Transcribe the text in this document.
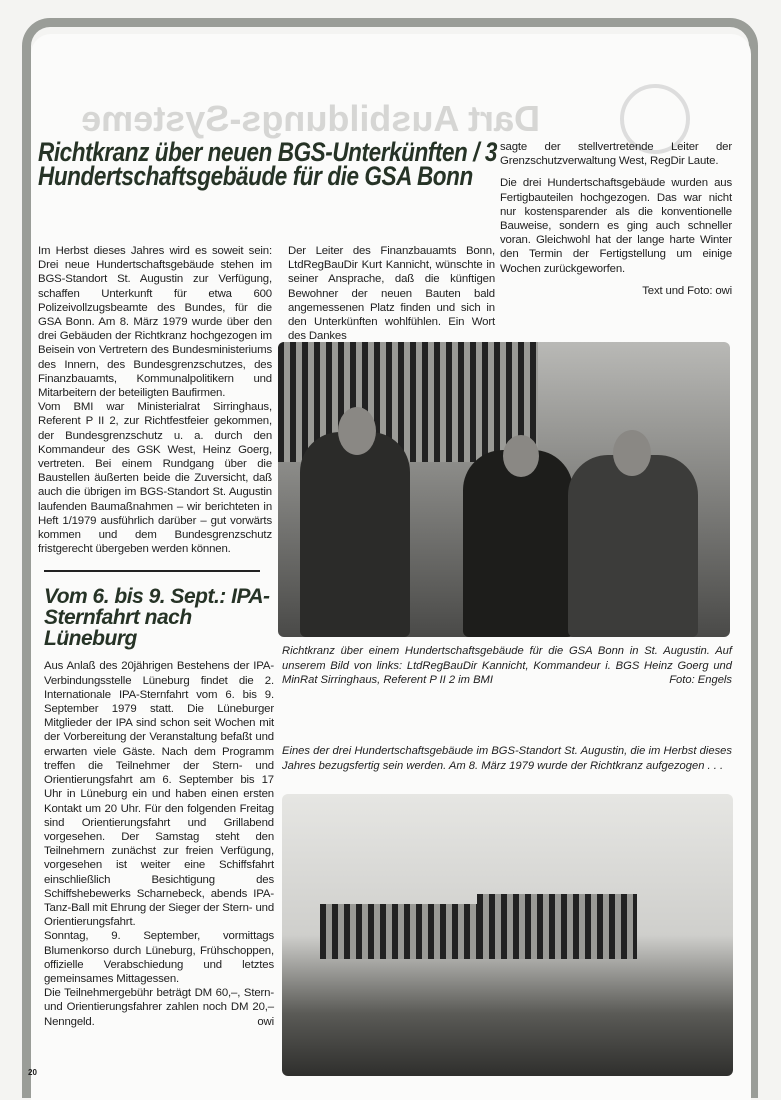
Dart Ausbildungs-Systeme
Richtkranz über neuen BGS-Unterkünften / 3 Hundertschaftsgebäude für die GSA Bonn

Im Herbst dieses Jahres wird es soweit sein: Drei neue Hundertschaftsgebäude stehen im BGS-Standort St. Augustin zur Verfügung, schaffen Unterkunft für etwa 600 Polizeivollzugsbeamte des Bundes, für die GSA Bonn. Am 8. März 1979 wurde über den drei Gebäuden der Richtkranz hochgezogen im Beisein von Vertretern des Bundesministeriums des Innern, des Bundesgrenzschutzes, des Finanzbauamts, Kommunalpolitikern und Mitarbeitern der beteiligten Baufirmen.

Vom BMI war Ministerialrat Sirringhaus, Referent P II 2, zur Richtfestfeier gekommen, der Bundesgrenzschutz u. a. durch den Kommandeur des GSK West, Heinz Goerg, vertreten. Bei einem Rundgang über die Baustellen äußerten beide die Zuversicht, daß auch die übrigen im BGS-Standort St. Augustin laufenden Baumaßnahmen – wir berichteten in Heft 1/1979 ausführlich darüber – gut vorwärts kommen und dem Bundesgrenzschutz fristgerecht übergeben werden können.

Vom 6. bis 9. Sept.: IPA-Sternfahrt nach Lüneburg

Aus Anlaß des 20jährigen Bestehens der IPA-Verbindungsstelle Lüneburg findet die 2. Internationale IPA-Sternfahrt vom 6. bis 9. September 1979 statt. Die Lüneburger Mitglieder der IPA sind schon seit Wochen mit der Vorbereitung der Veranstaltung befaßt und erwarten viele Gäste. Nach dem Programm treffen die Teilnehmer der Stern- und Orientierungsfahrt am 6. September bis 17 Uhr in Lüneburg ein und haben einen ersten Kontakt um 20 Uhr. Für den folgenden Freitag sind Orientierungsfahrt und Grillabend vorgesehen. Der Samstag steht den Teilnehmern zunächst zur freien Verfügung, vorgesehen ist weiter eine Schiffsfahrt einschließlich Besichtigung des Schiffshebewerks Scharnebeck, abends IPA-Tanz-Ball mit Ehrung der Sieger der Stern- und Orientierungsfahrt.

Sonntag, 9. September, vormittags Blumenkorso durch Lüneburg, Frühschoppen, offizielle Verabschiedung und letztes gemeinsames Mittagessen.

Die Teilnehmergebühr beträgt DM 60,–, Stern- und Orientierungsfahrer zahlen noch DM 20,– Nenngeld.	owi

Der Leiter des Finanzbauamts Bonn, LtdRegBauDir Kurt Kannicht, wünschte in seiner Ansprache, daß die künftigen Bewohner der neuen Bauten bald angemessenen Platz finden und sich in den Unterkünften wohlfühlen. Ein Wort des Dankes

sagte der stellvertretende Leiter der Grenzschutzverwaltung West, RegDir Laute.

Die drei Hundertschaftsgebäude wurden aus Fertigbauteilen hochgezogen. Das war nicht nur kostensparender als die konventionelle Bauweise, sondern es ging auch schneller voran. Gleichwohl hat der lange harte Winter den Termin der Fertigstellung um einige Wochen zurückgeworfen.

Text und Foto: owi

Richtkranz über einem Hundertschaftsgebäude für die GSA Bonn in St. Augustin. Auf unserem Bild von links: LtdRegBauDir Kannicht, Kommandeur i. BGS Heinz Goerg und MinRat Sirringhaus, Referent P II 2 im BMI	Foto: Engels
Eines der drei Hundertschaftsgebäude im BGS-Standort St. Augustin, die im Herbst dieses Jahres bezugsfertig sein werden. Am 8. März 1979 wurde der Richtkranz aufgezogen . . .
20
